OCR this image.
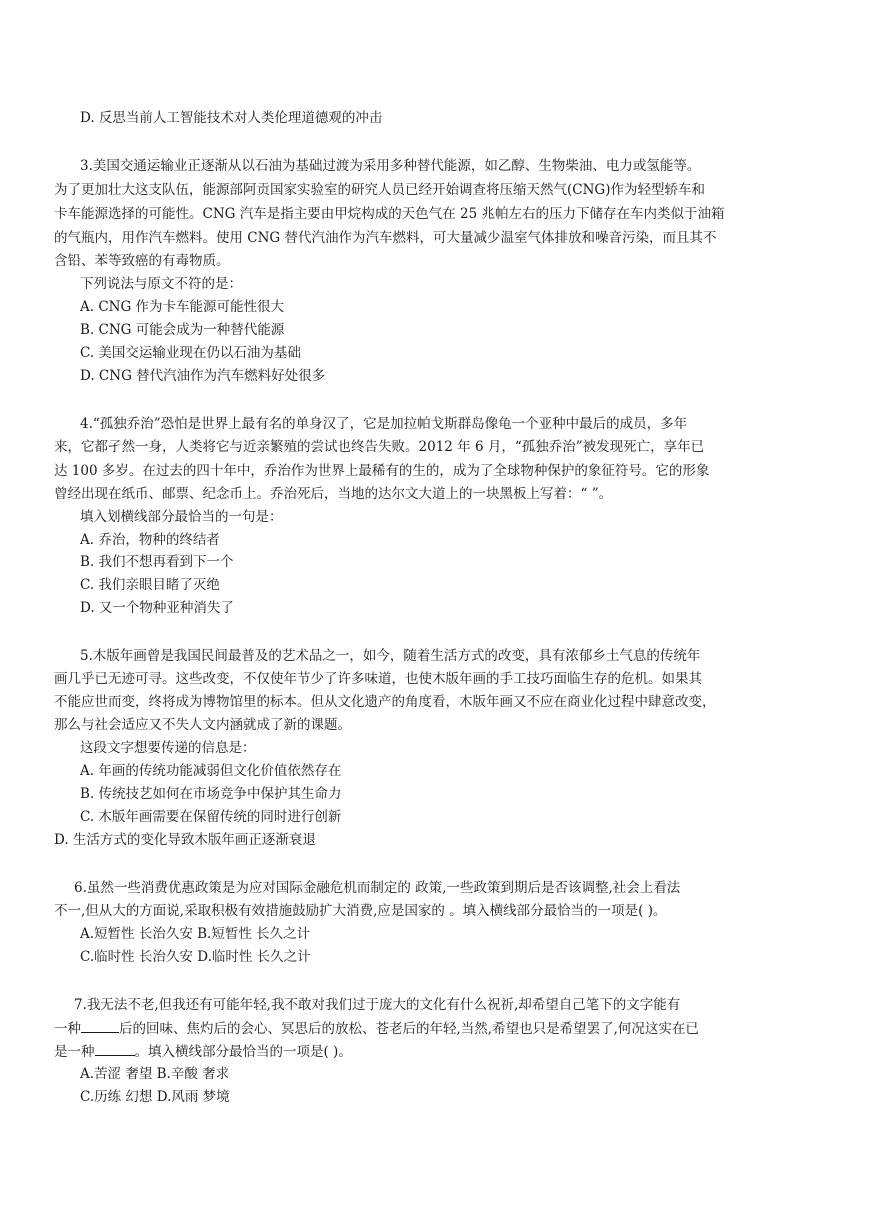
D. 反思当前人工智能技术对人类伦理道德观的冲击
3.美国交通运输业正逐渐从以石油为基础过渡为采用多种替代能源，如乙醇、生物柴油、电力或氢能等。
为了更加壮大这支队伍，能源部阿贡国家实验室的研究人员已经开始调查将压缩天然气(CNG)作为轻型轿车和
卡车能源选择的可能性。CNG 汽车是指主要由甲烷构成的天色气在 25 兆帕左右的压力下储存在车内类似于油箱
的气瓶内，用作汽车燃料。使用 CNG 替代汽油作为汽车燃料，可大量减少温室气体排放和噪音污染，而且其不
含铅、苯等致癌的有毒物质。
下列说法与原文不符的是：
A. CNG 作为卡车能源可能性很大
B. CNG 可能会成为一种替代能源
C. 美国交运输业现在仍以石油为基础
D. CNG 替代汽油作为汽车燃料好处很多
4.“孤独乔治”恐怕是世界上最有名的单身汉了，它是加拉帕戈斯群岛像龟一个亚种中最后的成员，多年
来，它都孑然一身，人类将它与近亲繁殖的尝试也终告失败。2012 年 6 月，“孤独乔治”被发现死亡，享年已
达 100 多岁。在过去的四十年中，乔治作为世界上最稀有的生的，成为了全球物种保护的象征符号。它的形象
曾经出现在纸币、邮票、纪念币上。乔治死后，当地的达尔文大道上的一块黑板上写着：“ ”。
填入划横线部分最恰当的一句是：
A. 乔治，物种的终结者
B. 我们不想再看到下一个
C. 我们亲眼目睹了灭绝
D. 又一个物种亚种消失了
5.木版年画曾是我国民间最普及的艺术品之一，如今，随着生活方式的改变，具有浓郁乡土气息的传统年
画几乎已无迹可寻。这些改变，不仅使年节少了许多味道，也使木版年画的手工技巧面临生存的危机。如果其
不能应世而变，终将成为博物馆里的标本。但从文化遗产的角度看，木版年画又不应在商业化过程中肆意改变，
那么与社会适应又不失人文内涵就成了新的课题。
这段文字想要传递的信息是：
A. 年画的传统功能减弱但文化价值依然存在
B. 传统技艺如何在市场竞争中保护其生命力
C. 木版年画需要在保留传统的同时进行创新
D. 生活方式的变化导致木版年画正逐渐衰退
6.虽然一些消费优惠政策是为应对国际金融危机而制定的 政策,一些政策到期后是否该调整,社会上看法
不一,但从大的方面说,采取积极有效措施鼓励扩大消费,应是国家的 。填入横线部分最恰当的一项是( )。
A.短暂性 长治久安 B.短暂性 长久之计
C.临时性 长治久安 D.临时性 长久之计
7.我无法不老,但我还有可能年轻,我不敢对我们过于庞大的文化有什么祝祈,却希望自己笔下的文字能有
一种	后的回味、焦灼后的会心、冥思后的放松、苍老后的年轻,当然,希望也只是希望罢了,何况这实在已
是一种	。填入横线部分最恰当的一项是( )。
A.苦涩 奢望 B.辛酸 奢求
C.历练 幻想 D.风雨 梦境
